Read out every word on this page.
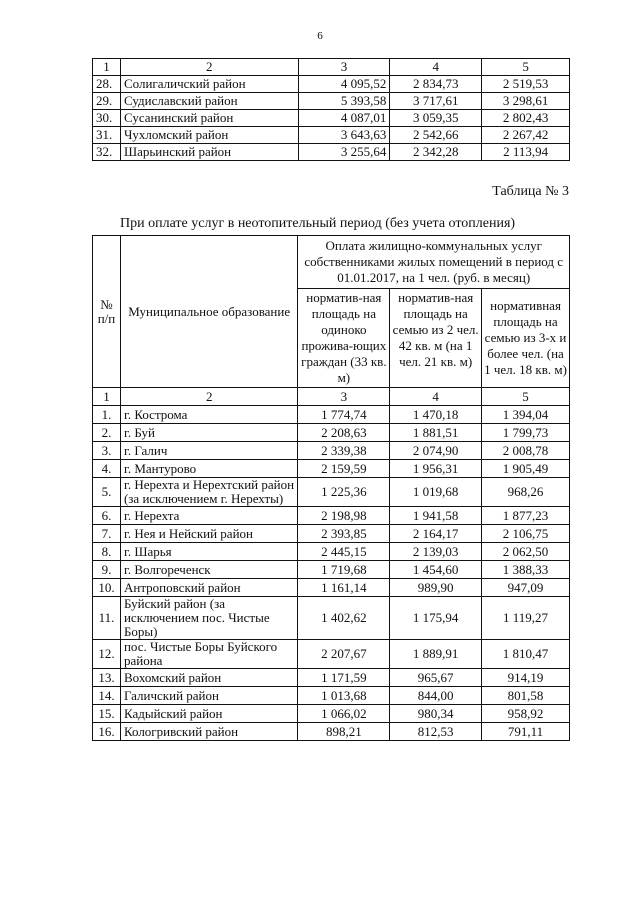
6
1	2	3	4	5
28.	Солигаличский район	4 095,52	2 834,73	2 519,53
29.	Судиславский район	5 393,58	3 717,61	3 298,61
30.	Сусанинский район	4 087,01	3 059,35	2 802,43
31.	Чухломский район	3 643,63	2 542,66	2 267,42
32.	Шарьинский район	3 255,64	2 342,28	2 113,94
Таблица № 3
При оплате услуг в неотопительный период (без учета отопления)
№ п/п	Муниципальное образование	Оплата жилищно-коммунальных услуг собственниками жилых помещений в период с 01.01.2017, на 1 чел. (руб. в месяц)		
		норматив-ная площадь на одиноко прожива-ющих граждан (33 кв. м)	норматив-ная площадь на семью из 2 чел. 42 кв. м (на 1 чел. 21 кв. м)	нормативная площадь на семью из 3-х и более чел. (на 1 чел. 18 кв. м)
1	2	3	4	5
1.	г. Кострома	1 774,74	1 470,18	1 394,04
2.	г. Буй	2 208,63	1 881,51	1 799,73
3.	г. Галич	2 339,38	2 074,90	2 008,78
4.	г. Мантурово	2 159,59	1 956,31	1 905,49
5.	г. Нерехта и Нерехтский район (за исключением г. Нерехты)	1 225,36	1 019,68	968,26
6.	г. Нерехта	2 198,98	1 941,58	1 877,23
7.	г. Нея и Нейский район	2 393,85	2 164,17	2 106,75
8.	г. Шарья	2 445,15	2 139,03	2 062,50
9.	г. Волгореченск	1 719,68	1 454,60	1 388,33
10.	Антроповский район	1 161,14	989,90	947,09
11.	Буйский район (за исключением пос. Чистые Боры)	1 402,62	1 175,94	1 119,27
12.	пос. Чистые Боры Буйского района	2 207,67	1 889,91	1 810,47
13.	Вохомский район	1 171,59	965,67	914,19
14.	Галичский район	1 013,68	844,00	801,58
15.	Кадыйский район	1 066,02	980,34	958,92
16.	Кологривский район	898,21	812,53	791,11
